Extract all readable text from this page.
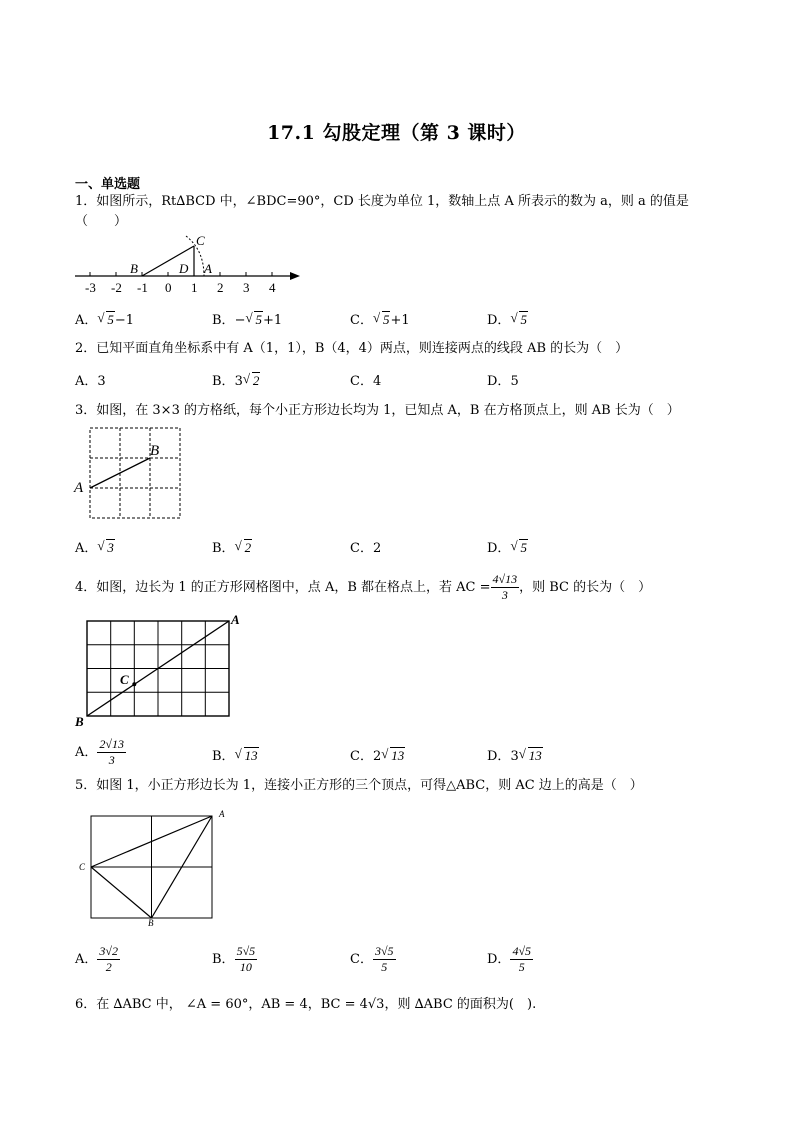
17.1 勾股定理（第 3 课时）
一、单选题
1．如图所示，Rt∆BCD 中，∠BDC=90°，CD 长度为单位 1，数轴上点 A 所表示的数为 a，则 a 的值是（　　）
-3 -2 -1 0 1 2 3 4
B
C
D A
A． √ 5−1	B．− √ 5+1	C． √ 5+1	D． √ 5
2．已知平面直角坐标系中有 A（1，1），B（4，4）两点，则连接两点的线段 AB 的长为（　）
A．3	B．3 √ 2	C．4	D．5
3．如图，在 3×3 的方格纸，每个小正方形边长均为 1，已知点 A，B 在方格顶点上，则 AB 长为（　）
A
B
A． √ 3	B． √ 2	C．2	D． √ 5
4．如图，边长为 1 的正方形网格图中，点 A，B 都在格点上，若 AC = $\frac{4√13}{3}$ ，则 BC 的长为（　）
A
B
C
A． $\frac{2√13}{3}$	B． √ 13	C．2 √ 13	D．3 √ 13
5．如图 1，小正方形边长为 1，连接小正方形的三个顶点，可得△ABC，则 AC 边上的高是（　）
A
B
C
A． $\frac{3√2}{2}$	B． $\frac{5√5}{10}$	C． $\frac{3√5}{5}$	D． $\frac{4√5}{5}$
6．在 ∆ABC 中， ∠A = 60°，AB = 4，BC = 4√3，则 ∆ABC 的面积为(　).
